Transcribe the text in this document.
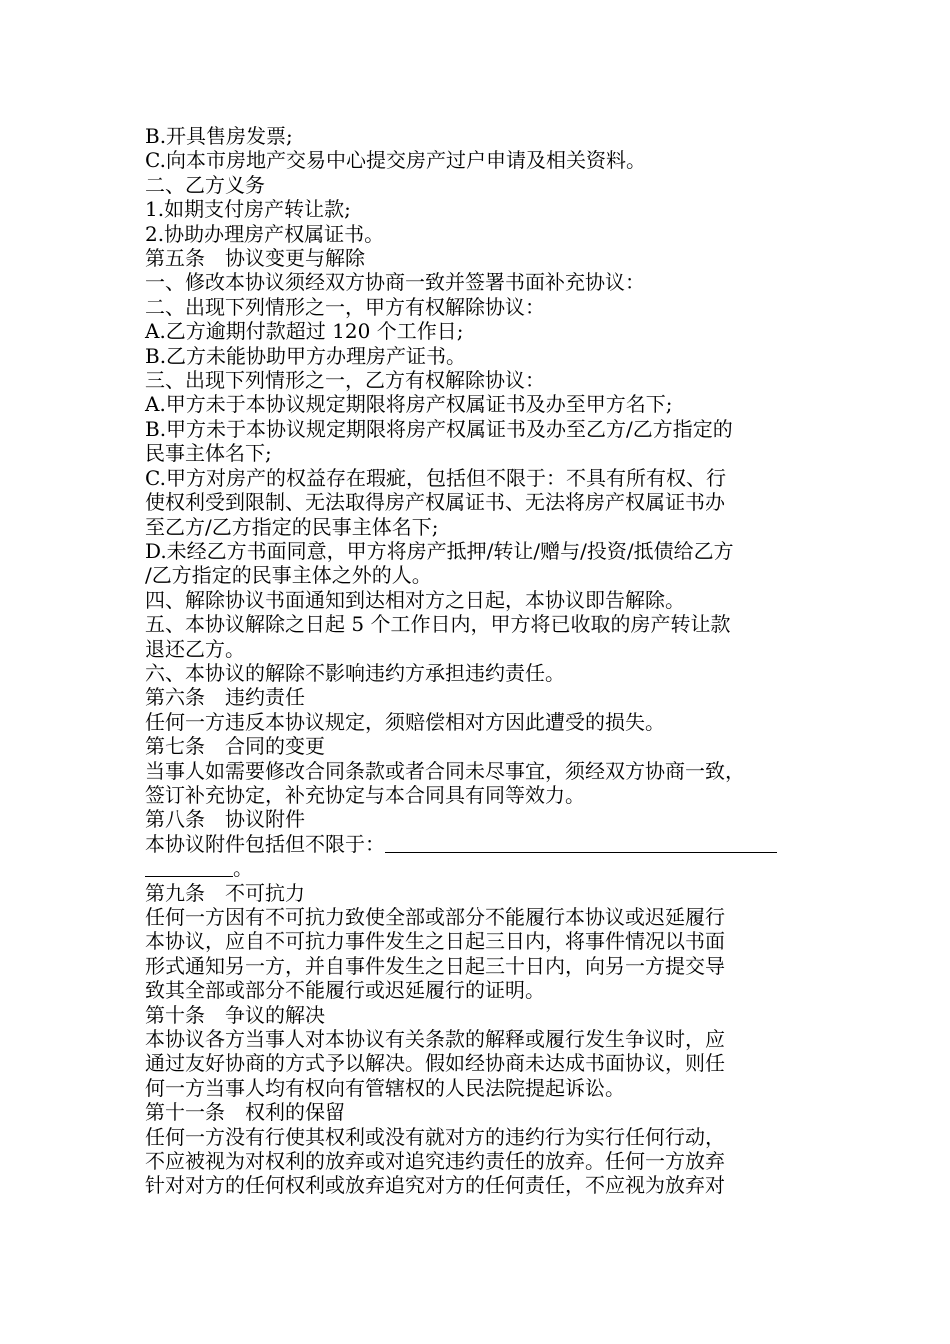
B.开具售房发票;
C.向本市房地产交易中心提交房产过户申请及相关资料。
二、乙方义务
1.如期支付房产转让款;
2.协助办理房产权属证书。
第五条　协议变更与解除
一、修改本协议须经双方协商一致并签署书面补充协议：
二、出现下列情形之一，甲方有权解除协议：
A.乙方逾期付款超过 120 个工作日;
B.乙方未能协助甲方办理房产证书。
三、出现下列情形之一，乙方有权解除协议：
A.甲方未于本协议规定期限将房产权属证书及办至甲方名下;
B.甲方未于本协议规定期限将房产权属证书及办至乙方/乙方指定的
民事主体名下;
C.甲方对房产的权益存在瑕疵，包括但不限于：不具有所有权、行
使权利受到限制、无法取得房产权属证书、无法将房产权属证书办
至乙方/乙方指定的民事主体名下;
D.未经乙方书面同意，甲方将房产抵押/转让/赠与/投资/抵债给乙方
/乙方指定的民事主体之外的人。
四、解除协议书面通知到达相对方之日起，本协议即告解除。
五、本协议解除之日起 5 个工作日内，甲方将已收取的房产转让款
退还乙方。
六、本协议的解除不影响违约方承担违约责任。
第六条　违约责任
任何一方违反本协议规定，须赔偿相对方因此遭受的损失。
第七条　合同的变更
当事人如需要修改合同条款或者合同未尽事宜，须经双方协商一致，
签订补充协定，补充协定与本合同具有同等效力。
第八条　协议附件
本协议附件包括但不限于：
。
第九条　不可抗力
任何一方因有不可抗力致使全部或部分不能履行本协议或迟延履行
本协议，应自不可抗力事件发生之日起三日内，将事件情况以书面
形式通知另一方，并自事件发生之日起三十日内，向另一方提交导
致其全部或部分不能履行或迟延履行的证明。
第十条　争议的解决
本协议各方当事人对本协议有关条款的解释或履行发生争议时，应
通过友好协商的方式予以解决。假如经协商未达成书面协议，则任
何一方当事人均有权向有管辖权的人民法院提起诉讼。
第十一条　权利的保留
任何一方没有行使其权利或没有就对方的违约行为实行任何行动，
不应被视为对权利的放弃或对追究违约责任的放弃。任何一方放弃
针对对方的任何权利或放弃追究对方的任何责任，不应视为放弃对
